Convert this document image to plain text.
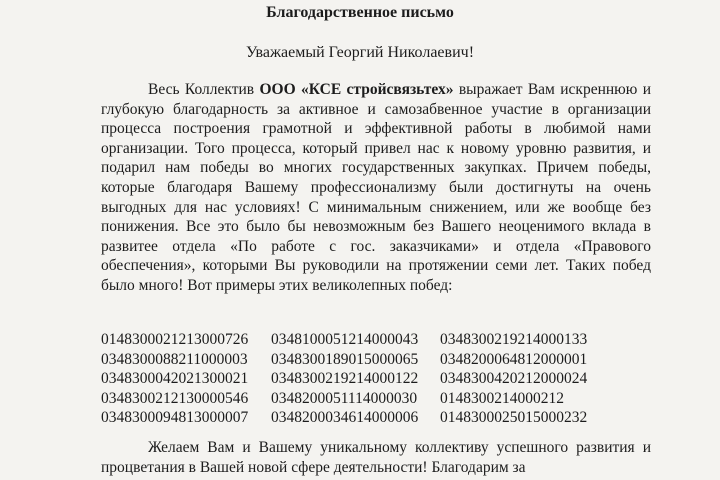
Благодарственное письмо
Уважаемый Георгий Николаевич!

Весь Коллектив ООО «КСЕ стройсвязьтех» выражает Вам искреннюю и глубокую благодарность за активное и самозабвенное участие в организации процесса построения грамотной и эффективной работы в любимой нами организации. Того процесса, который привел нас к новому уровню развития, и подарил нам победы во многих государственных закупках. Причем победы, которые благодаря Вашему профессионализму были достигнуты на очень выгодных для нас условиях! С минимальным снижением, или же вообще без понижения. Все это было бы невозможным без Вашего неоценимого вклада в развитее отдела «По работе с гос. заказчиками» и отдела «Правового обеспечения», которыми Вы руководили на протяжении семи лет. Таких побед было много! Вот примеры этих великолепных побед:

0148300021213000726	0348100051214000043	0348300219214000133
0348300088211000003	0348300189015000065	0348200064812000001
0348300042021300021	0348300219214000122	0348300420212000024
0348300212130000546	0348200051114000030	0148300214000212
0348300094813000007	0348200034614000006	0148300025015000232

Желаем Вам и Вашему уникальному коллективу успешного развития и процветания в Вашей новой сфере деятельности! Благодарим за
